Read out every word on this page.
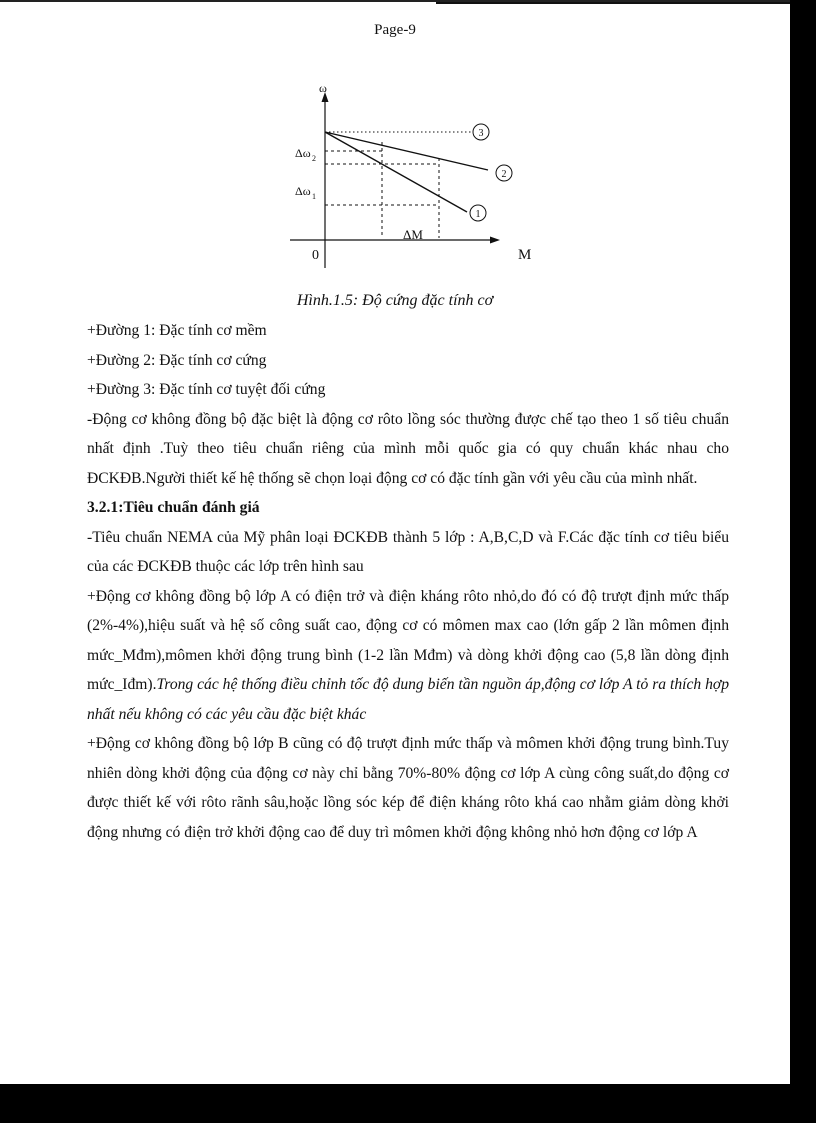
Page-9
3
2
1
ω
M
0
Δω 2
Δω 1
ΔM
Hình.1.5: Độ cứng đặc tính cơ
+Đường 1: Đặc tính cơ mềm
+Đường 2: Đặc tính cơ cứng
+Đường 3: Đặc tính cơ tuyệt đối cứng

-Động cơ không đồng bộ đặc biệt là động cơ rôto lồng sóc thường được chế tạo theo 1 số tiêu chuẩn nhất định .Tuỳ theo tiêu chuẩn riêng của mình mỗi quốc gia có quy chuẩn khác nhau cho ĐCKĐB.Người thiết kế hệ thống sẽ chọn loại động cơ có đặc tính gần với yêu cầu của mình nhất.

3.2.1:Tiêu chuẩn đánh giá

-Tiêu chuẩn NEMA của Mỹ phân loại ĐCKĐB thành 5 lớp : A,B,C,D và F.Các đặc tính cơ tiêu biểu của các ĐCKĐB thuộc các lớp trên hình sau

+Động cơ không đồng bộ lớp A có điện trở và điện kháng rôto nhỏ,do đó có độ trượt định mức thấp (2%-4%),hiệu suất và hệ số công suất cao, động cơ có mômen max cao (lớn gấp 2 lần mômen định mức_Mđm),mômen khởi động trung bình (1-2 lần Mđm) và dòng khởi động cao (5,8 lần dòng định mức_Iđm).Trong các hệ thống điều chỉnh tốc độ dung biến tần nguồn áp,động cơ lớp A tỏ ra thích hợp nhất nếu không có các yêu cầu đặc biệt khác

+Động cơ không đồng bộ lớp B cũng có độ trượt định mức thấp và mômen khởi động trung bình.Tuy nhiên dòng khởi động của động cơ này chỉ bằng 70%-80% động cơ lớp A cùng công suất,do động cơ được thiết kế với rôto rãnh sâu,hoặc lồng sóc kép để điện kháng rôto khá cao nhằm giảm dòng khởi động nhưng có điện trở khởi động cao để duy trì mômen khởi động không nhỏ hơn động cơ lớp A
